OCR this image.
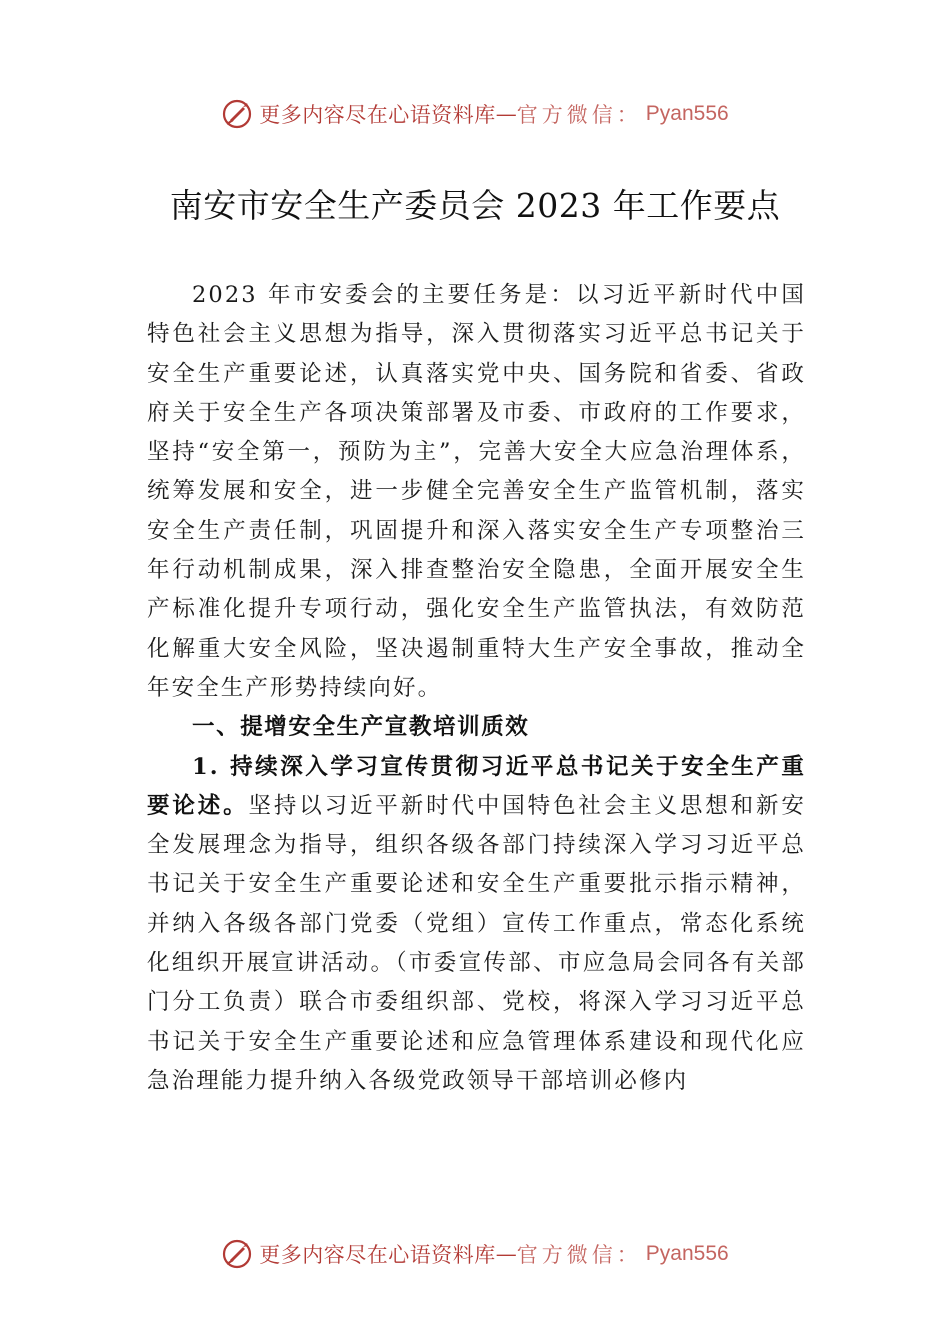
更多内容尽在心语资料库 — 官方微信： Pyan556
南安市安全生产委员会 2023 年工作要点

2023 年市安委会的主要任务是：以习近平新时代中国特色社会主义思想为指导，深入贯彻落实习近平总书记关于安全生产重要论述，认真落实党中央、国务院和省委、省政府关于安全生产各项决策部署及市委、市政府的工作要求，坚持“安全第一，预防为主”，完善大安全大应急治理体系，统筹发展和安全，进一步健全完善安全生产监管机制，落实安全生产责任制，巩固提升和深入落实安全生产专项整治三年行动机制成果，深入排查整治安全隐患，全面开展安全生产标准化提升专项行动，强化安全生产监管执法，有效防范化解重大安全风险，坚决遏制重特大生产安全事故，推动全年安全生产形势持续向好。

一、提增安全生产宣教培训质效

1. 持续深入学习宣传贯彻习近平总书记关于安全生产重要论述。坚持以习近平新时代中国特色社会主义思想和新安全发展理念为指导，组织各级各部门持续深入学习习近平总书记关于安全生产重要论述和安全生产重要批示指示精神，并纳入各级各部门党委（党组）宣传工作重点，常态化系统化组织开展宣讲活动。（市委宣传部、市应急局会同各有关部门分工负责）联合市委组织部、党校，将深入学习习近平总书记关于安全生产重要论述和应急管理体系建设和现代化应急治理能力提升纳入各级党政领导干部培训必修内

更多内容尽在心语资料库 — 官方微信： Pyan556
